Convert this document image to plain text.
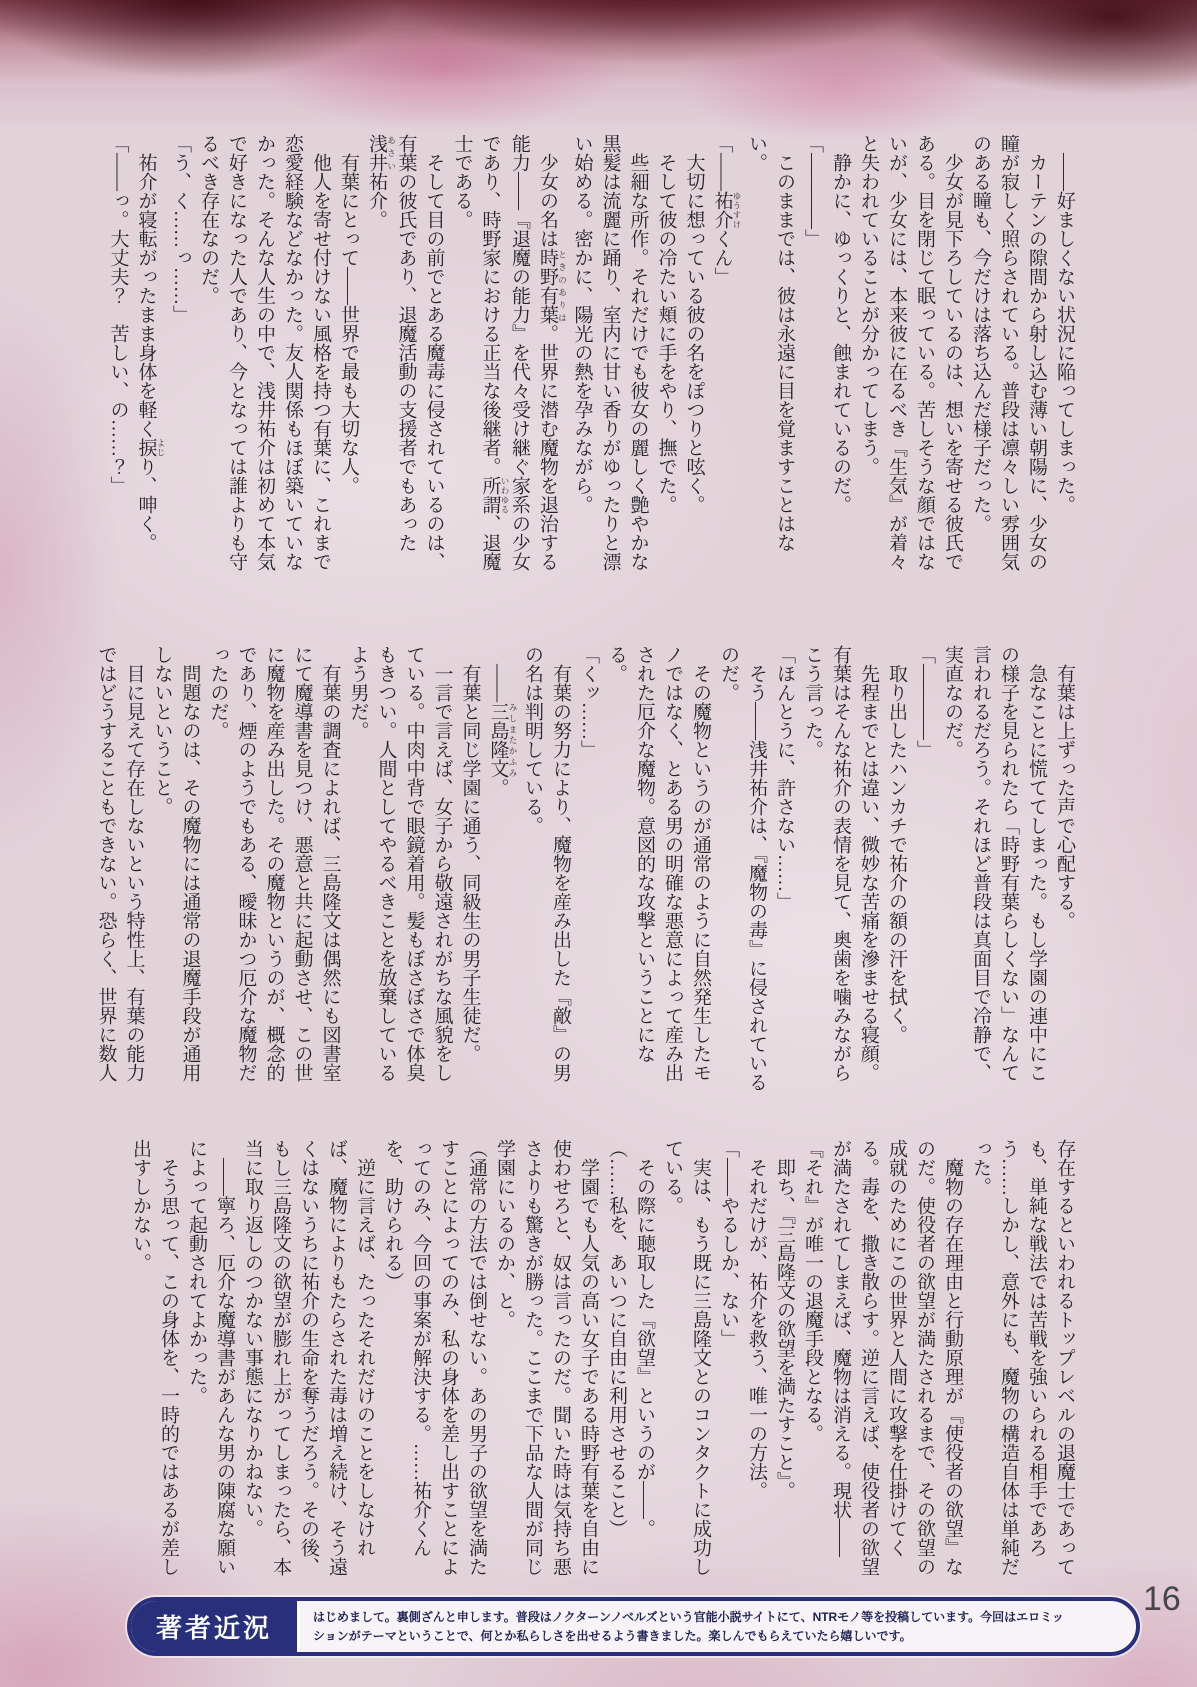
　――好ましくない状況に陥ってしまった。

　カーテンの隙間から射し込む薄い朝陽に、少女の瞳が寂しく照らされている。普段は凛々しい雰囲気のある瞳も、今だけは落ち込んだ様子だった。

　少女が見下ろしているのは、想いを寄せる彼氏である。目を閉じて眠っている。苦しそうな顔ではないが、少女には、本来彼に在るべき『生気』が着々と失われていることが分かってしまう。

　静かに、ゆっくりと、蝕まれているのだ。

「――――」

　このままでは、彼は永遠に目を覚ますことはない。

「――祐介 ゆうすけくん」

　大切に想っている彼の名をぽつりと呟く。

　そして彼の冷たい頬に手をやり、撫でた。

　些細な所作。それだけでも彼女の麗しく艶やかな黒髪は流麗に踊り、室内に甘い香りがゆったりと漂い始める。密かに、陽光の熱を孕みながら。

　少女の名は時野有葉 ときのありは。世界に潜む魔物を退治する能力――『退魔の能力』を代々受け継ぐ家系の少女であり、時野家における正当な後継者。所謂 いわゆる、退魔士である。

　そして目の前でとある魔毒に侵されているのは、有葉の彼氏であり、退魔活動の支援者でもあった浅井 あさい祐介。

　有葉にとって――世界で最も大切な人。

　他人を寄せ付けない風格を持つ有葉に、これまで恋愛経験などなかった。友人関係もほぼ築いていなかった。そんな人生の中で、浅井祐介は初めて本気で好きになった人であり、今となっては誰よりも守るべき存在なのだ。

「う、く……っ……」

　祐介が寝転がったまま身体を軽く捩 よじり、呻く。

「――っ。大丈夫？　苦しい、の……？」

　有葉は上ずった声で心配する。

　急なことに慌ててしまった。もし学園の連中にこの様子を見られたら「時野有葉らしくない」なんて言われるだろう。それほど普段は真面目で冷静で、実直なのだ。

「――――」

　取り出したハンカチで祐介の額の汗を拭く。

　先程までとは違い、微妙な苦痛を滲ませる寝顔。有葉はそんな祐介の表情を見て、奥歯を噛みながらこう言った。

「ほんとうに、許さない……」

　そう――浅井祐介は、『魔物の毒』に侵されているのだ。

　その魔物というのが通常のように自然発生したモノではなく、とある男の明確な悪意によって産み出された厄介な魔物。意図的な攻撃ということになる。

「くッ……」

　有葉の努力により、魔物を産み出した『敵』の男の名は判明している。

　――三島隆文 みしまたかふみ。

　有葉と同じ学園に通う、同級生の男子生徒だ。

　一言で言えば、女子から敬遠されがちな風貌をしている。中肉中背で眼鏡着用。髪もぼさぼさで体臭もきつい。人間としてやるべきことを放棄しているよう男だ。

　有葉の調査によれば、三島隆文は偶然にも図書室にて魔導書を見つけ、悪意と共に起動させ、この世に魔物を産み出した。その魔物というのが、概念的であり、煙のようでもある、曖昧かつ厄介な魔物だったのだ。

　問題なのは、その魔物には通常の退魔手段が通用しないということ。

　目に見えて存在しないという特性上、有葉の能力ではどうすることもできない。恐らく、世界に数人

存在するといわれるトップレベルの退魔士であっても、単純な戦法では苦戦を強いられる相手であろう……しかし、意外にも、魔物の構造自体は単純だった。

　魔物の存在理由と行動原理が『使役者の欲望』なのだ。使役者の欲望が満たされるまで、その欲望の成就のためにこの世界と人間に攻撃を仕掛けてくる。毒を、撒き散らす。逆に言えば、使役者の欲望が満たされてしまえば、魔物は消える。現状――『それ』が唯一の退魔手段となる。

　即ち、『三島隆文の欲望を満たすこと』。

　それだけが、祐介を救う、唯一の方法。

「――やるしか、ない」

　実は、もう既に三島隆文とのコンタクトに成功している。

　その際に聴取した『欲望』というのが――。

（……私を、あいつに自由に利用させること）

　学園でも人気の高い女子である時野有葉を自由に使わせろと、奴は言ったのだ。聞いた時は気持ち悪さよりも驚きが勝った。ここまで下品な人間が同じ学園にいるのか、と。

（通常の方法では倒せない。あの男子の欲望を満たすことによってのみ、私の身体を差し出すことによってのみ、今回の事案が解決する。……祐介くんを、助けられる）

　逆に言えば、たったそれだけのことをしなければ、魔物によりもたらされた毒は増え続け、そう遠くはないうちに祐介の生命を奪うだろう。その後、もし三島隆文の欲望が膨れ上がってしまったら、本当に取り返しのつかない事態になりかねない。

　――寧ろ、厄介な魔導書があんな男の陳腐な願いによって起動されてよかった。

　そう思って、この身体を、一時的ではあるが差し出すしかない。

著者近況	はじめまして。裏側ざんと申します。普段はノクターンノベルズという官能小説サイトにて、NTRモノ等を投稿しています。今回はエロミッ
ションがテーマということで、何とか私らしさを出せるよう書きました。楽しんでもらえていたら嬉しいです。
16
